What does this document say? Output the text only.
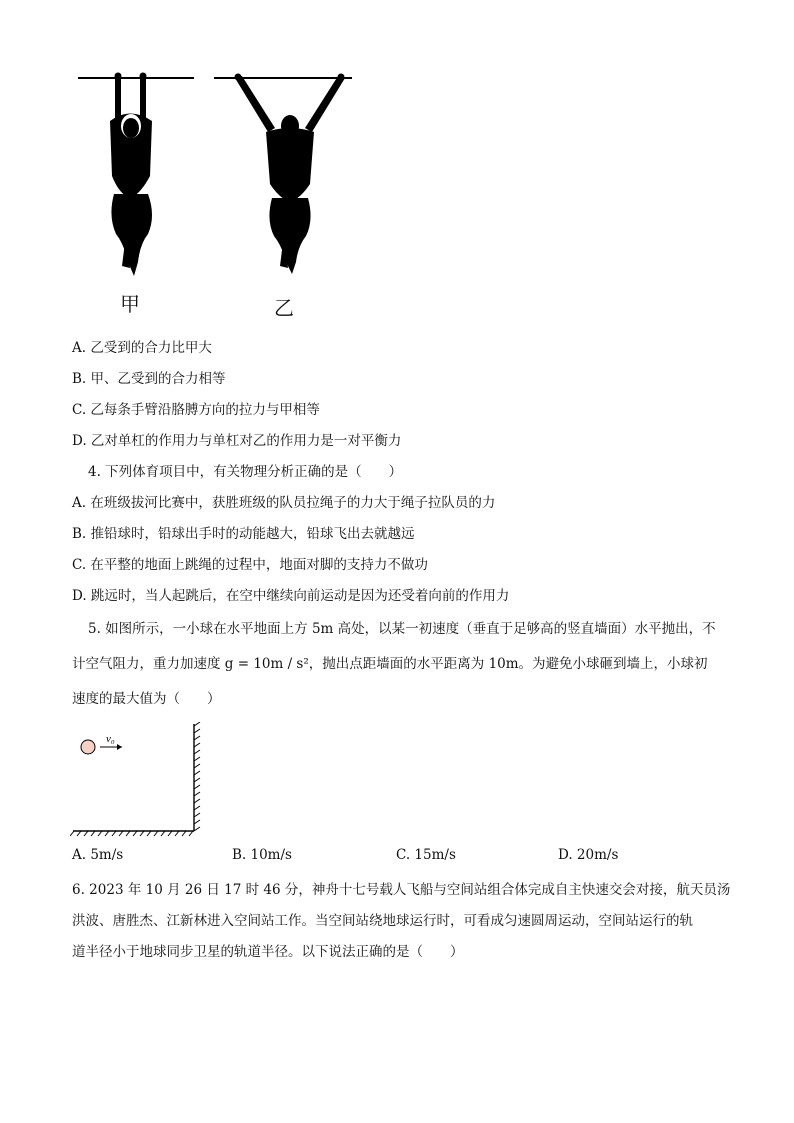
甲	乙
A. 乙受到的合力比甲大
B. 甲、乙受到的合力相等
C. 乙每条手臂沿胳膊方向的拉力与甲相等
D. 乙对单杠的作用力与单杠对乙的作用力是一对平衡力
4. 下列体育项目中，有关物理分析正确的是（　　）
A. 在班级拔河比赛中，获胜班级的队员拉绳子的力大于绳子拉队员的力
B. 推铅球时，铅球出手时的动能越大，铅球飞出去就越远
C. 在平整的地面上跳绳的过程中，地面对脚的支持力不做功
D. 跳远时，当人起跳后，在空中继续向前运动是因为还受着向前的作用力
5. 如图所示，一小球在水平地面上方 5m 高处，以某一初速度（垂直于足够高的竖直墙面）水平抛出，不
计空气阻力，重力加速度 g = 10m / s²，抛出点距墙面的水平距离为 10m。为避免小球砸到墙上，小球初
速度的最大值为（　　）
v₀
A. 5m/s	B. 10m/s	C. 15m/s	D. 20m/s
6. 2023 年 10 月 26 日 17 时 46 分，神舟十七号载人飞船与空间站组合体完成自主快速交会对接，航天员汤
洪波、唐胜杰、江新林进入空间站工作。当空间站绕地球运行时，可看成匀速圆周运动，空间站运行的轨
道半径小于地球同步卫星的轨道半径。以下说法正确的是（　　）
